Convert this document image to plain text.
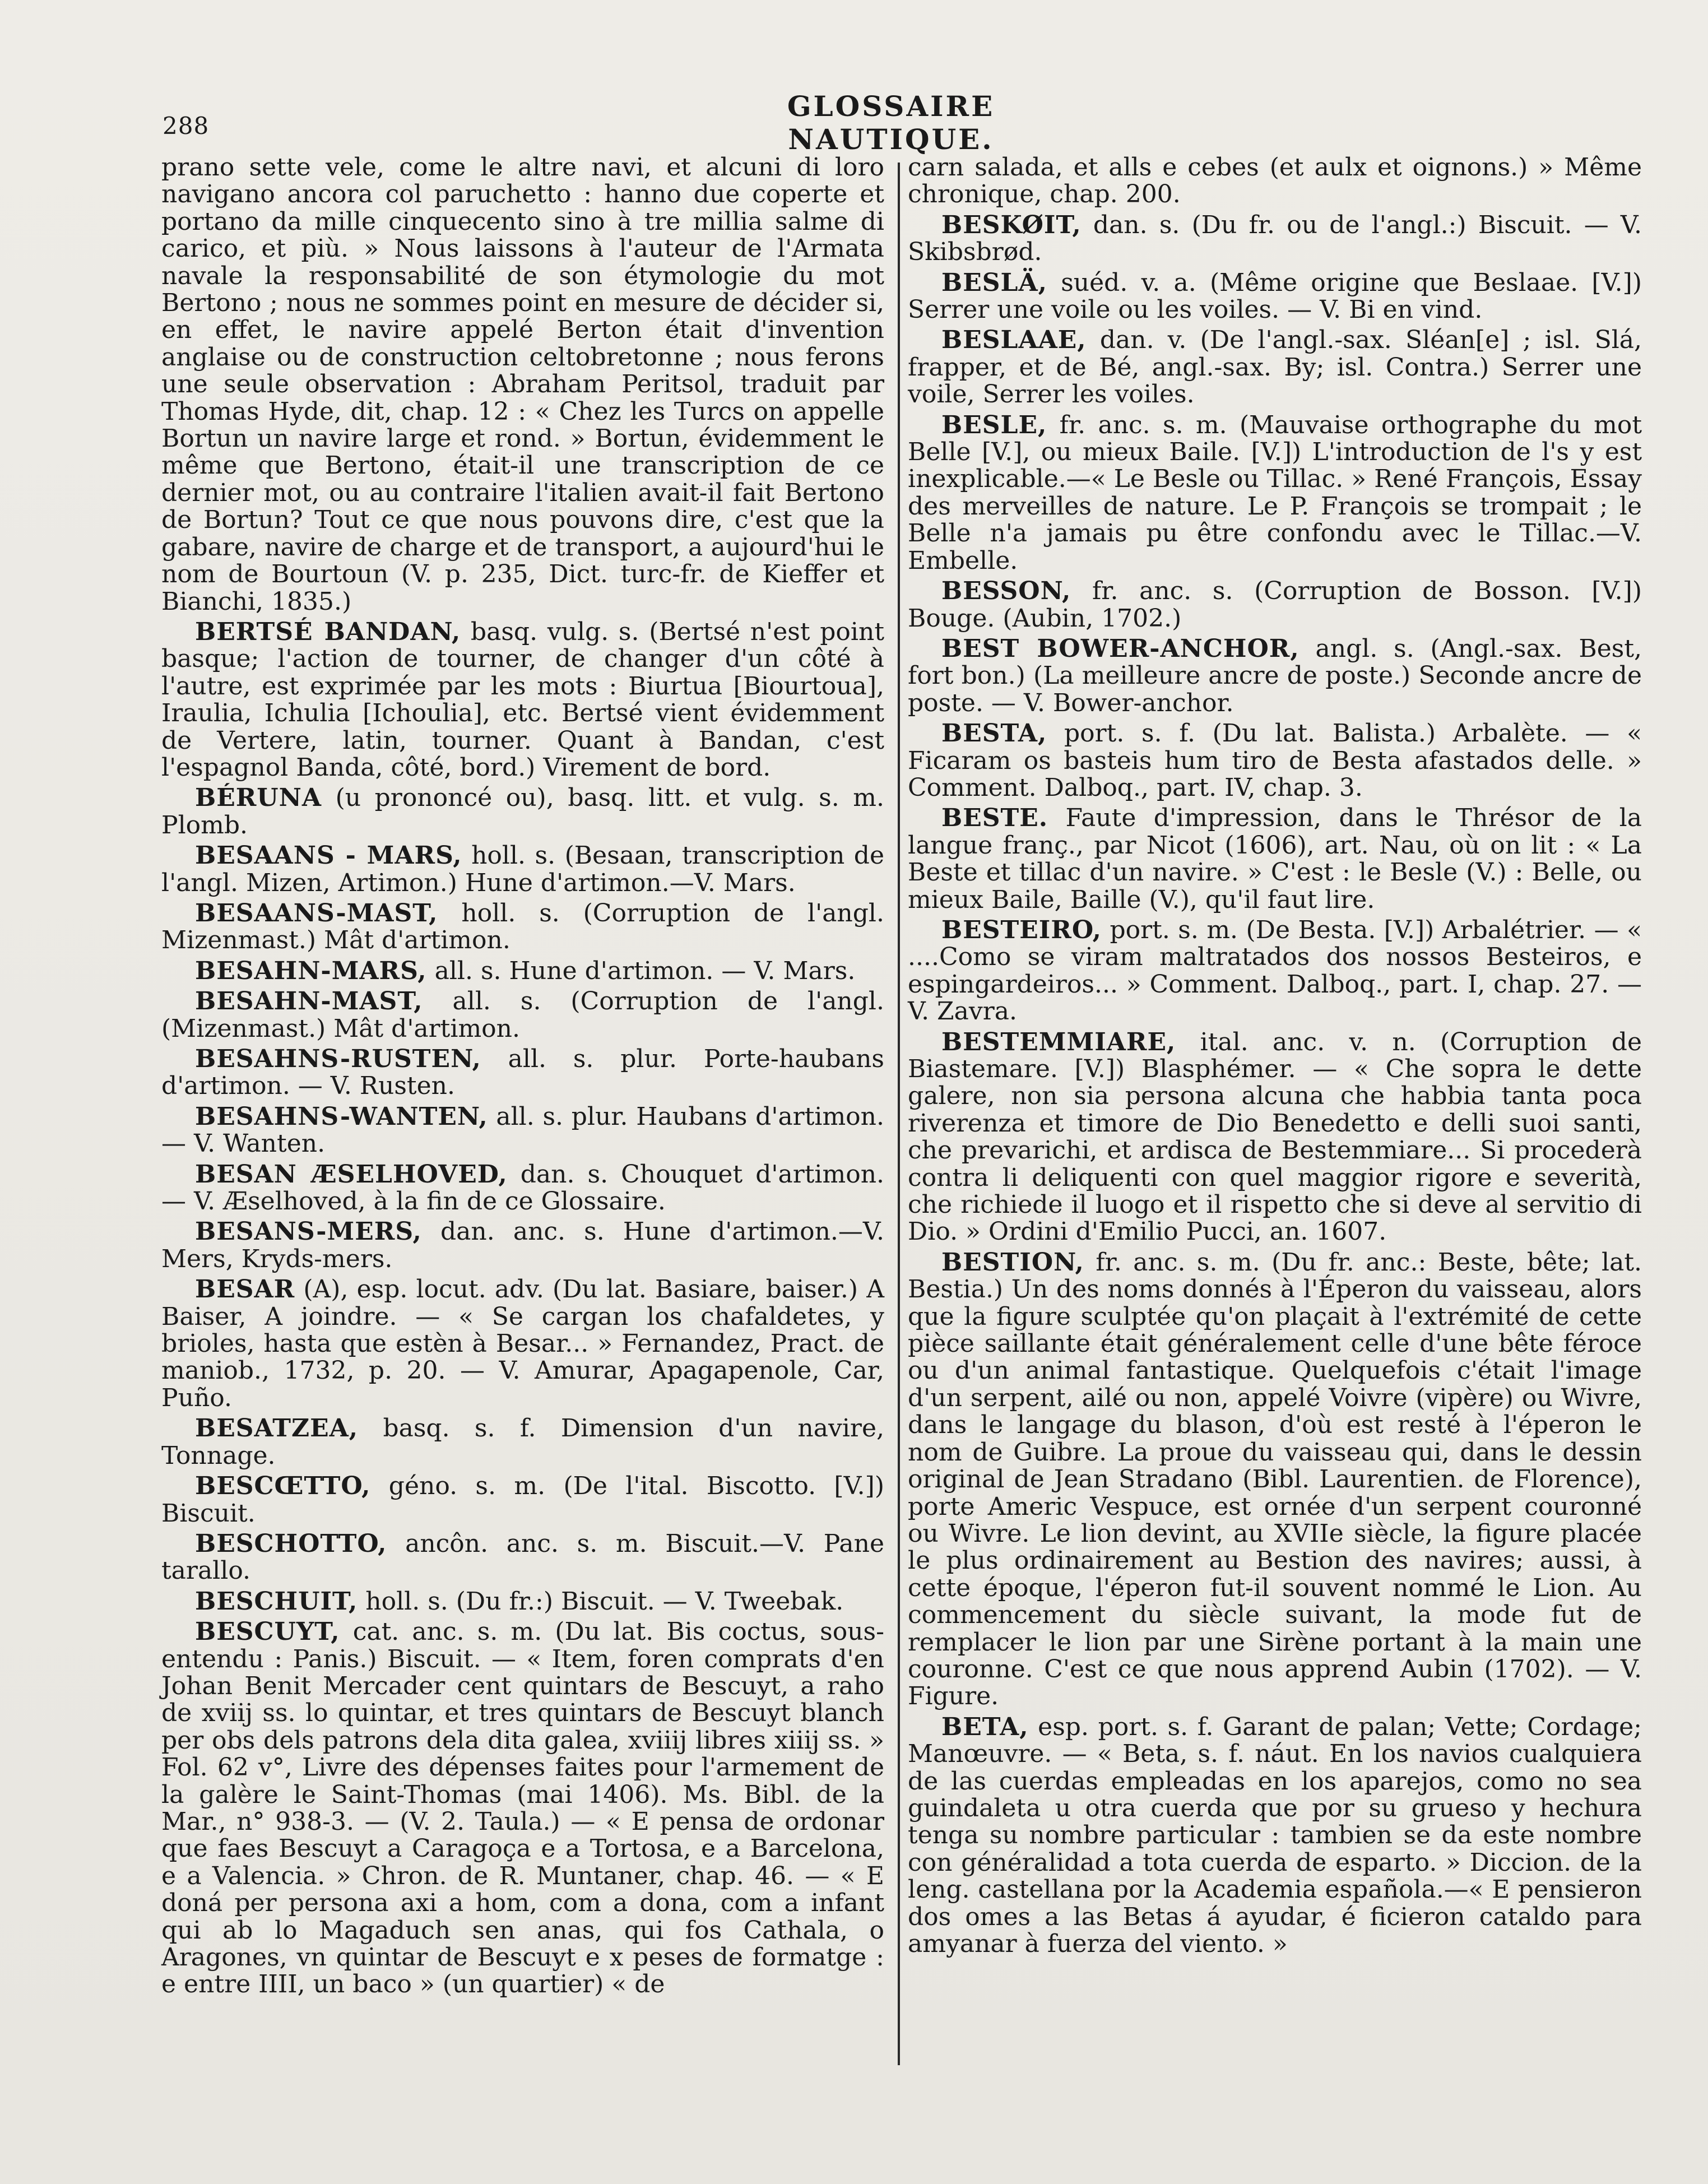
288
GLOSSAIRE NAUTIQUE.

prano sette vele, come le altre navi, et alcuni di loro navigano ancora col paruchetto : hanno due coperte et portano da mille cinquecento sino à tre millia salme di carico, et più. » Nous laissons à l'auteur de l'Armata navale la responsabilité de son étymologie du mot Bertono ; nous ne sommes point en mesure de décider si, en effet, le navire appelé Berton était d'invention anglaise ou de construction celtobretonne ; nous ferons une seule observation : Abraham Peritsol, traduit par Thomas Hyde, dit, chap. 12 : « Chez les Turcs on appelle Bortun un navire large et rond. » Bortun, évidemment le même que Bertono, était-il une transcription de ce dernier mot, ou au contraire l'italien avait-il fait Bertono de Bortun? Tout ce que nous pouvons dire, c'est que la gabare, navire de charge et de transport, a aujourd'hui le nom de Bourtoun (V. p. 235, Dict. turc-fr. de Kieffer et Bianchi, 1835.)

BERTSÉ BANDAN, basq. vulg. s. (Bertsé n'est point basque; l'action de tourner, de changer d'un côté à l'autre, est exprimée par les mots : Biurtua [Biourtoua], Iraulia, Ichulia [Ichoulia], etc. Bertsé vient évidemment de Vertere, latin, tourner. Quant à Bandan, c'est l'espagnol Banda, côté, bord.) Virement de bord.

BÉRUNA (u prononcé ou), basq. litt. et vulg. s. m. Plomb.

BESAANS - MARS, holl. s. (Besaan, transcription de l'angl. Mizen, Artimon.) Hune d'artimon.—V. Mars.

BESAANS-MAST, holl. s. (Corruption de l'angl. Mizenmast.) Mât d'artimon.

BESAHN-MARS, all. s. Hune d'artimon. — V. Mars.

BESAHN-MAST, all. s. (Corruption de l'angl. (Mizenmast.) Mât d'artimon.

BESAHNS-RUSTEN, all. s. plur. Porte-haubans d'artimon. — V. Rusten.

BESAHNS-WANTEN, all. s. plur. Haubans d'artimon. — V. Wanten.

BESAN ÆSELHOVED, dan. s. Chouquet d'artimon. — V. Æselhoved, à la fin de ce Glossaire.

BESANS-MERS, dan. anc. s. Hune d'artimon.—V. Mers, Kryds-mers.

BESAR (A), esp. locut. adv. (Du lat. Basiare, baiser.) A Baiser, A joindre. — « Se cargan los chafaldetes, y brioles, hasta que estèn à Besar... » Fernandez, Pract. de maniob., 1732, p. 20. — V. Amurar, Apagapenole, Car, Puño.

BESATZEA, basq. s. f. Dimension d'un navire, Tonnage.

BESCŒTTO, géno. s. m. (De l'ital. Biscotto. [V.]) Biscuit.

BESCHOTTO, ancôn. anc. s. m. Biscuit.—V. Pane tarallo.

BESCHUIT, holl. s. (Du fr.:) Biscuit. — V. Tweebak.

BESCUYT, cat. anc. s. m. (Du lat. Bis coctus, sous-entendu : Panis.) Biscuit. — « Item, foren comprats d'en Johan Benit Mercader cent quintars de Bescuyt, a raho de xviij ss. lo quintar, et tres quintars de Bescuyt blanch per obs dels patrons dela dita galea, xviiij libres xiiij ss. » Fol. 62 v°, Livre des dépenses faites pour l'armement de la galère le Saint-Thomas (mai 1406). Ms. Bibl. de la Mar., n° 938-3. — (V. 2. Taula.) — « E pensa de ordonar que faes Bescuyt a Caragoça e a Tortosa, e a Barcelona, e a Valencia. » Chron. de R. Muntaner, chap. 46. — « E doná per persona axi a hom, com a dona, com a infant qui ab lo Magaduch sen anas, qui fos Cathala, o Aragones, vn quintar de Bescuyt e x peses de formatge : e entre IIII, un baco » (un quartier) « de

carn salada, et alls e cebes (et aulx et oignons.) » Même chronique, chap. 200.

BESKØIT, dan. s. (Du fr. ou de l'angl.:) Biscuit. — V. Skibsbrød.

BESLÄ, suéd. v. a. (Même origine que Beslaae. [V.]) Serrer une voile ou les voiles. — V. Bi en vind.

BESLAAE, dan. v. (De l'angl.-sax. Sléan[e] ; isl. Slá, frapper, et de Bé, angl.-sax. By; isl. Contra.) Serrer une voile, Serrer les voiles.

BESLE, fr. anc. s. m. (Mauvaise orthographe du mot Belle [V.], ou mieux Baile. [V.]) L'introduction de l's y est inexplicable.—« Le Besle ou Tillac. » René François, Essay des merveilles de nature. Le P. François se trompait ; le Belle n'a jamais pu être confondu avec le Tillac.—V. Embelle.

BESSON, fr. anc. s. (Corruption de Bosson. [V.]) Bouge. (Aubin, 1702.)

BEST BOWER-ANCHOR, angl. s. (Angl.-sax. Best, fort bon.) (La meilleure ancre de poste.) Seconde ancre de poste. — V. Bower-anchor.

BESTA, port. s. f. (Du lat. Balista.) Arbalète. — « Ficaram os basteis hum tiro de Besta afastados delle. » Comment. Dalboq., part. IV, chap. 3.

BESTE. Faute d'impression, dans le Thrésor de la langue franç., par Nicot (1606), art. Nau, où on lit : « La Beste et tillac d'un navire. » C'est : le Besle (V.) : Belle, ou mieux Baile, Baille (V.), qu'il faut lire.

BESTEIRO, port. s. m. (De Besta. [V.]) Arbalétrier. — « ....Como se viram maltratados dos nossos Besteiros, e espingardeiros... » Comment. Dalboq., part. I, chap. 27. — V. Zavra.

BESTEMMIARE, ital. anc. v. n. (Corruption de Biastemare. [V.]) Blasphémer. — « Che sopra le dette galere, non sia persona alcuna che habbia tanta poca riverenza et timore de Dio Benedetto e delli suoi santi, che prevarichi, et ardisca de Bestemmiare... Si procederà contra li deliquenti con quel maggior rigore e severità, che richiede il luogo et il rispetto che si deve al servitio di Dio. » Ordini d'Emilio Pucci, an. 1607.

BESTION, fr. anc. s. m. (Du fr. anc.: Beste, bête; lat. Bestia.) Un des noms donnés à l'Éperon du vaisseau, alors que la figure sculptée qu'on plaçait à l'extrémité de cette pièce saillante était généralement celle d'une bête féroce ou d'un animal fantastique. Quelquefois c'était l'image d'un serpent, ailé ou non, appelé Voivre (vipère) ou Wivre, dans le langage du blason, d'où est resté à l'éperon le nom de Guibre. La proue du vaisseau qui, dans le dessin original de Jean Stradano (Bibl. Laurentien. de Florence), porte Americ Vespuce, est ornée d'un serpent couronné ou Wivre. Le lion devint, au XVIIe siècle, la figure placée le plus ordinairement au Bestion des navires; aussi, à cette époque, l'éperon fut-il souvent nommé le Lion. Au commencement du siècle suivant, la mode fut de remplacer le lion par une Sirène portant à la main une couronne. C'est ce que nous apprend Aubin (1702). — V. Figure.

BETA, esp. port. s. f. Garant de palan; Vette; Cordage; Manœuvre. — « Beta, s. f. náut. En los navios cualquiera de las cuerdas empleadas en los aparejos, como no sea guindaleta u otra cuerda que por su grueso y hechura tenga su nombre particular : tambien se da este nombre con généralidad a tota cuerda de esparto. » Diccion. de la leng. castellana por la Academia española.—« E pensieron dos omes a las Betas á ayudar, é ficieron cataldo para amyanar à fuerza del viento. »
